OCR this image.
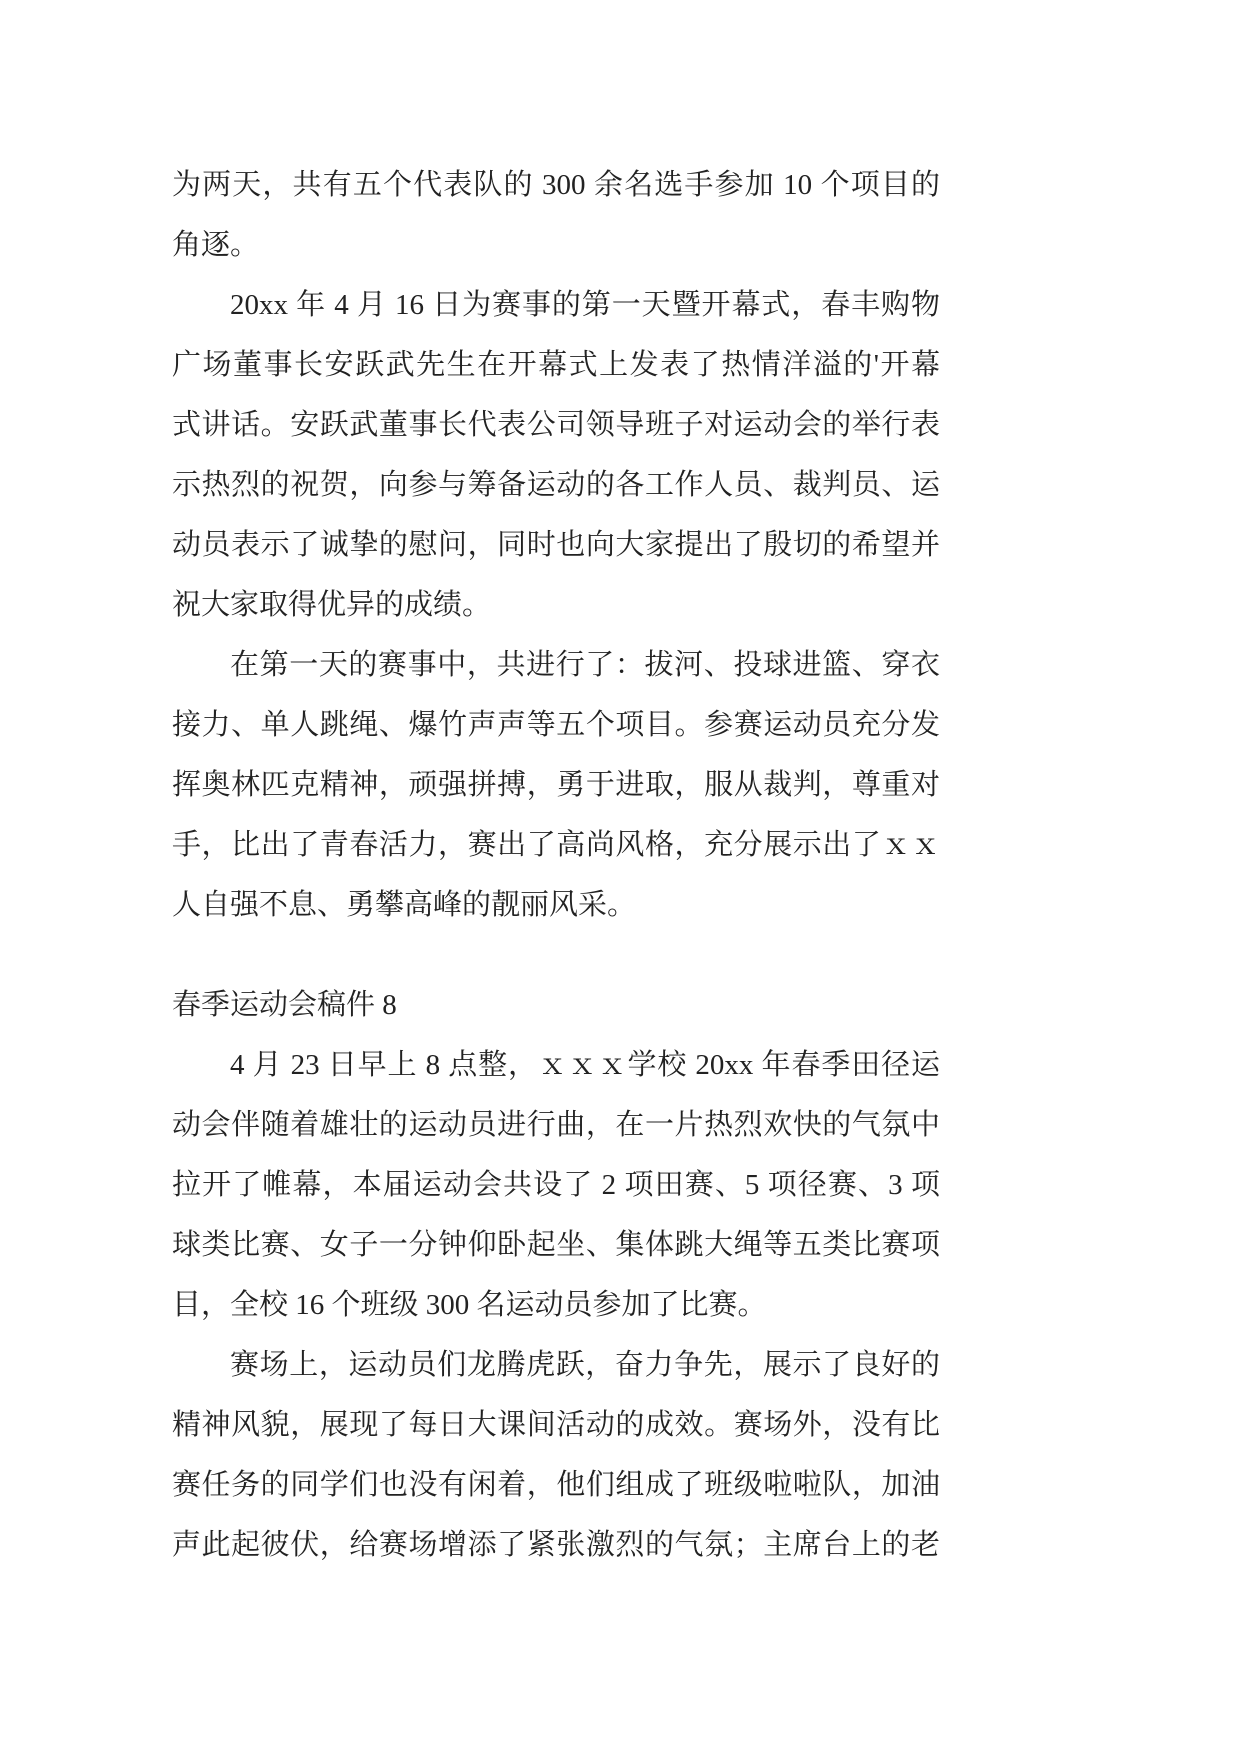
为两天，共有五个代表队的 300 余名选手参加 10 个项目的
角逐。
20xx 年 4 月 16 日为赛事的第一天暨开幕式，春丰购物
广场董事长安跃武先生在开幕式上发表了热情洋溢的'开幕
式讲话。安跃武董事长代表公司领导班子对运动会的举行表
示热烈的祝贺，向参与筹备运动的各工作人员、裁判员、运
动员表示了诚挚的慰问，同时也向大家提出了殷切的希望并
祝大家取得优异的成绩。
在第一天的赛事中，共进行了：拔河、投球进篮、穿衣
接力、单人跳绳、爆竹声声等五个项目。参赛运动员充分发
挥奥林匹克精神，顽强拼搏，勇于进取，服从裁判，尊重对
手，比出了青春活力，赛出了高尚风格，充分展示出了ｘｘ
人自强不息、勇攀高峰的靓丽风采。
春季运动会稿件 8
4 月 23 日早上 8 点整，ｘｘｘ学校 20xx 年春季田径运
动会伴随着雄壮的运动员进行曲，在一片热烈欢快的气氛中
拉开了帷幕，本届运动会共设了 2 项田赛、5 项径赛、3 项
球类比赛、女子一分钟仰卧起坐、集体跳大绳等五类比赛项
目，全校 16 个班级 300 名运动员参加了比赛。
赛场上，运动员们龙腾虎跃，奋力争先，展示了良好的
精神风貌，展现了每日大课间活动的成效。赛场外，没有比
赛任务的同学们也没有闲着，他们组成了班级啦啦队，加油
声此起彼伏，给赛场增添了紧张激烈的气氛；主席台上的老
